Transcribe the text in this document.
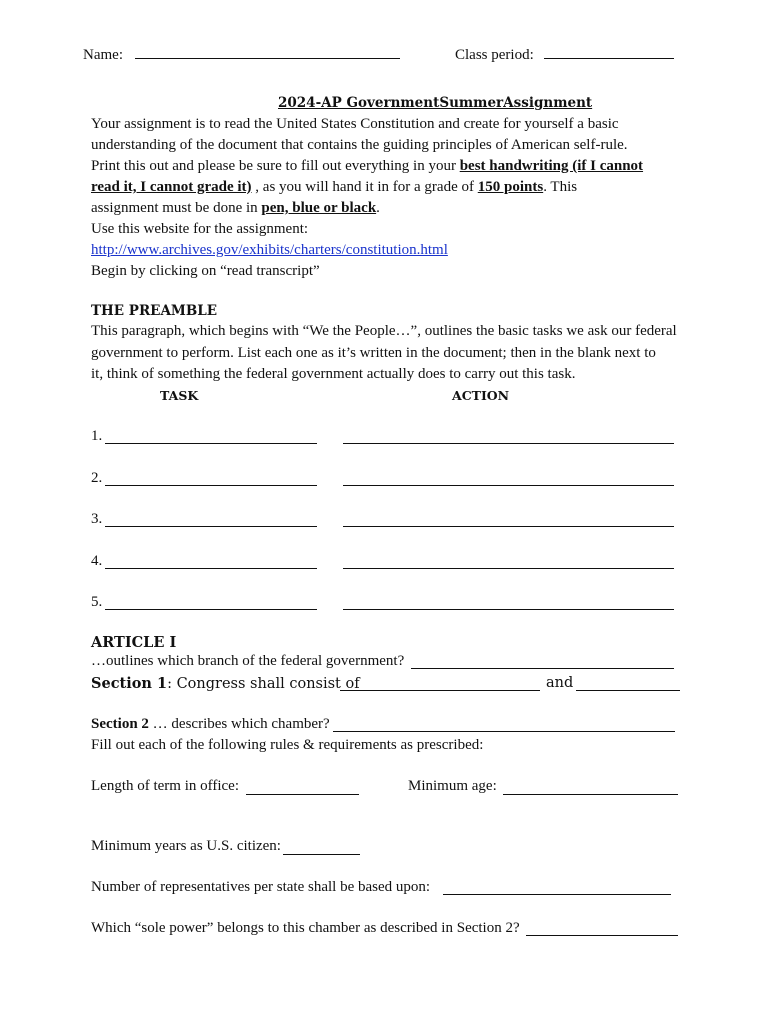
Name:	Class period:
2024-AP GovernmentSummerAssignment
Your assignment is to read the United States Constitution and create for yourself a basic
understanding of the document that contains the guiding principles of American self-rule.
Print this out and please be sure to fill out everything in your best handwriting (if I cannot
read it, I cannot grade it) , as you will hand it in for a grade of 150 points. This
assignment must be done in pen, blue or black.
Use this website for the assignment:
http://www.archives.gov/exhibits/charters/constitution.html
Begin by clicking on “read transcript”
THE PREAMBLE
This paragraph, which begins with “We the People…”, outlines the basic tasks we ask our federal
government to perform. List each one as it’s written in the document; then in the blank next to
it, think of something the federal government actually does to carry out this task.
TASK	ACTION
1.
2.
3.
4.
5.
ARTICLE I
…outlines which branch of the federal government?
Section 1: Congress shall consist of	and
Section 2 … describes which chamber?
Fill out each of the following rules & requirements as prescribed:
Length of term in office:	Minimum age:
Minimum years as U.S. citizen:
Number of representatives per state shall be based upon:
Which “sole power” belongs to this chamber as described in Section 2?
